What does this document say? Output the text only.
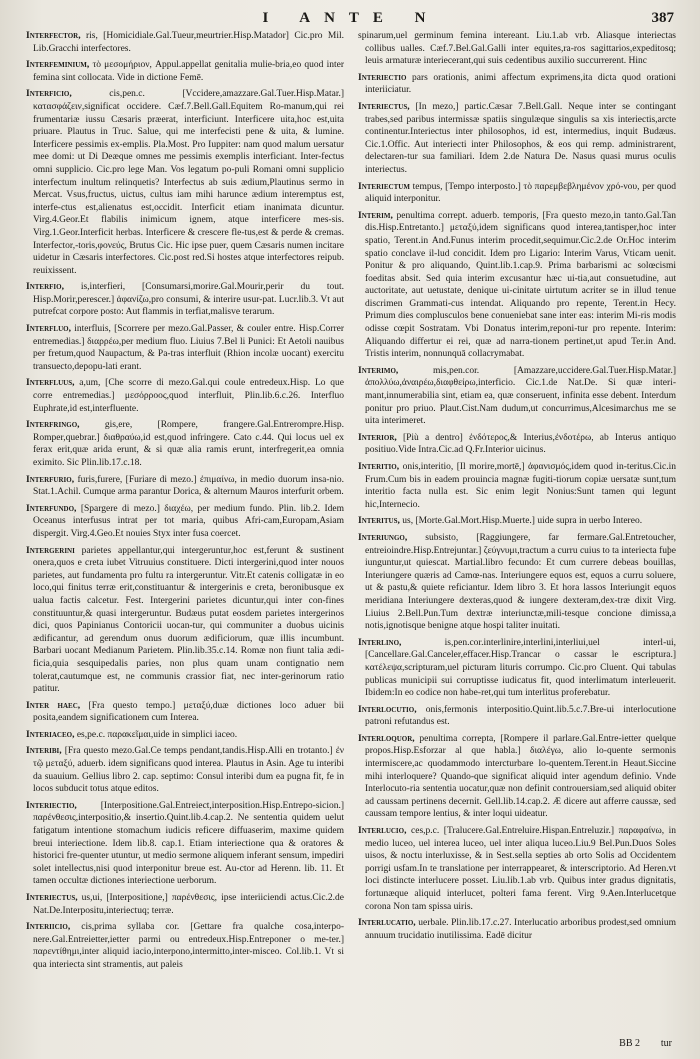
I ANTE N	387

Interfector, ris, [Homicidiale.Gal.Tueur,meurtrier.Hisp.Matador] Cic.pro Mil. Lib.Gracchi interfectores.

Interfeminium, τὸ μεσομήριον, Appul.appellat genitalia mulie-bria,eo quod inter femina sint collocata. Vide in dictione Femē.

Interficio,	cis,pen.c. [Vccidere,amazzare.Gal.Tuer.Hisp.Matar.] κατασφάζειν,significat occidere. Cæf.7.Bell.Gall.Equitem Ro-manum,qui rei frumentariæ iussu Cæsaris præerat, interficiunt. Interficere uita,hoc est,uita priuare. Plautus in Truc. Salue, qui me interfecisti pene & uita, & lumine. Interficere pessimis ex-emplis. Pla.Most. Pro Iuppiter: nam quod malum uersatur mee domi: ut Di Deæque omnes me pessimis exemplis interficiant. Inter-fectus omni supplicio. Cic.pro lege Man. Vos legatum po-puli Romani omni supplicio interfectum inultum relinquetis? Interfectus ab suis ædium,Plautinus sermo in Mercat. Vsus,fructus, uictus, cultus iam mihi harunce ædium interemptus est, interfe-ctus est,alienatus est,occidit. Interficit etiam inanimata dicuntur. Virg.4.Geor.Et flabilis inimicum ignem, atque interficere mes-sis. Virg.1.Geor.Interficit herbas. Interficere & crescere fle-tus,est & perde & cremas. Interfector,-toris,φονεύς, Brutus Cic. Hic ipse puer, quem Cæsaris numen incitare uidetur in Cæsaris interfectores. Cic.post red.Si hostes atque interfectores reipub. reuixissent.

Interfio, is,interfieri, [Consumarsi,morire.Gal.Mourir,perir du tout. Hisp.Morir,perescer.] ἀφανίζω,pro consumi, & interire usur-pat. Lucr.lib.3. Vt aut putrefcat corpore posto: Aut flammis in terfiat,malisve terarum.

Interfluo, interfluis, [Scorrere per mezo.Gal.Passer, & couler entre. Hisp.Correr entremedias.] διαρρέω,per medium fluo. Liuius 7.Bel li Punici: Et Aetoli nauibus per fretum,quod Naupactum, & Pa-tras interfluit (Rhion incolæ uocant) exercitu transuecto,depopu-lati erant.

Interfluus, a,um, [Che scorre di mezo.Gal.qui coule entredeux.Hisp. Lo que corre entremedias.] μεσόρροος,quod interfluit, Plin.lib.6.c.26. Interfluo Euphrate,id est,interfluente.

Interfringo,	gis,ere, [Rompere, frangere.Gal.Entrerompre.Hisp. Romper,quebrar.] διαθραύω,id est,quod infringere. Cato c.44. Qui locus uel ex ferax erit,quæ arida erunt, & si quæ alia ramis erunt, interfregerit,ea omnia eximito. Sic Plin.lib.17.c.18.

Interfurio, furis,furere, [Furiare di mezo.] ἐπιμαίνω, in medio duorum insa-nio. Stat.1.Achil. Cumque arma parantur Dorica, & alternum Mauros interfurit orbem.

Interfundo, [Spargere di mezo.] διαχέω, per medium fundo. Plin. lib.2. Idem Oceanus interfusus intrat per tot maria, quibus Afri-cam,Europam,Asiam dispergit. Virg.4.Geo.Et nouies Styx inter fusa coercet.

Intergerini parietes appellantur,qui intergeruntur,hoc est,ferunt & sustinent onera,quos e creta iubet Vitruuius constituere. Dicti intergerini,quod inter nouos parietes, aut fundamenta pro fultu ra intergeruntur. Vitr.Et catenis colligatæ in eo loco,qui finitus terræ erit,constituantur & intergerinis e creta, beronibusque ex ualua factis calcetur. Fest. Intergerini parietes dicuntur,qui inter con-fines constituuntur,& quasi intergeruntur. Budæus putat eosdem parietes intergerinos dici, quos Papinianus Contoricii uocan-tur, qui communiter a duobus uicinis ædificantur, ad gerendum onus duorum ædificiorum, quæ illis incumbunt. Barbari uocant Medianum Parietem. Plin.lib.35.c.14. Romæ non fiunt talia ædi-ficia,quia sesquipedalis paries, non plus quam unam contignatio nem tolerat,cautumque est, ne communis crassior fiat, nec inter-gerinorum ratio patitur.

Inter haec, [Fra questo tempo.] μεταξύ,duæ dictiones loco aduer bii posita,eandem significationem cum Interea.

Interiaceo, es,pe.c. παρακεῖμαι,uide in simplici iaceo.

Interibi, [Fra questo mezo.Gal.Ce temps pendant,tandis.Hisp.Alli en trotanto.] ἐν τῷ μεταξύ, aduerb. idem significans quod interea. Plautus in Asin. Age tu interibi da suauium. Gellius libro 2. cap. septimo: Consul interibi dum ea pugna fit, fe in locos subducit totus atque editos.

Interiectio,	[Interpositione.Gal.Entreiect,interposition.Hisp.Entrepo-sicion.] παρένθεσις,interpositio,& insertio.Quint.lib.4.cap.2. Ne sententia quidem uelut fatigatum intentione stomachum iudicis reficere diffuaserim, maxime quidem breui interiectione. Idem lib.8. cap.1. Etiam interiectione qua & oratores & historici fre-quenter utuntur, ut medio sermone aliquem inferant sensum, impediri solet intellectus,nisi quod interponitur breue est. Au-ctor ad Herenn. lib. 11. Et tamen occultæ dictiones interiectione uerborum.

Interiectus, us,ui, [Interpositione,] παρένθεσις, ipse interiiciendi actus.Cic.2.de Nat.De.Interpositu,interiectuq; terræ.

Interiicio, cis,prima syllaba cor. [Gettare fra qualche cosa,interpo-nere.Gal.Entreietter,ietter parmi ou entredeux.Hisp.Entreponer o me-ter.] παρεντίθημι,inter aliquid iacio,interpono,intermitto,inter-misceo. Col.lib.1. Vt si qua interiecta sint stramentis, aut paleis

spinarum,uel germinum femina intereant. Liu.1.ab vrb. Aliasque interiectas collibus ualles. Cæf.7.Bel.Gal.Galli inter equites,ra-ros sagittarios,expeditosq; leuis armaturæ interiecerant,qui suis cedentibus auxilio succurrerent. Hinc

Interiectio pars orationis, animi affectum exprimens,ita dicta quod orationi interiiciatur.

Interiectus, [In mezo,] partic.Cæsar 7.Bell.Gall. Neque inter se contingant trabes,sed paribus intermissæ spatiis singulæque singulis sa xis interiectis,arcte continentur.Interiectus inter philosophos, id est, intermedius, inquit Budæus. Cic.1.Offic. Aut interiecti inter Philosophos, & eos qui remp. administrarent, delectaren-tur sua familiari. Idem 2.de Natura De. Nasus quasi murus oculis interiectus.

Interiectum tempus, [Tempo interposto.] τὸ παρεμβεβλημένον χρό-νου, per quod aliquid interponitur.

Interim, penultima corrept. aduerb. temporis, [Fra questo mezo,in tanto.Gal.Tan dis.Hisp.Entretanto.] μεταξύ,idem significans quod interea,tantisper,hoc inter spatio, Terent.in And.Funus interim procedit,sequimur.Cic.2.de Or.Hoc interim spatio conclave il-lud concidit. Idem pro Ligario: Interim Varus, Vticam uenit. Ponitur & pro aliquando, Quint.lib.1.cap.9. Prima barbarismi ac solœcismi foeditas absit. Sed quia interim excusantur hæc ui-tia,aut consuetudine, aut auctoritate, aut uetustate, denique ui-cinitate uirtutum acriter se in illud tenue discrimen Grammati-cus intendat. Aliquando pro repente, Terent.in Hecy. Primum dies complusculos bene conueniebat sane inter eas: interim Mi-ris modis odisse cœpit Sostratam. Vbi Donatus interim,reponi-tur pro repente. Interim: Aliquando differtur ei rei, quæ ad narra-tionem pertinet,ut apud Ter.in And. Tristis interim, nonnunquā collacrymabat.

Interimo,	mis,pen.cor. [Amazzare,uccidere.Gal.Tuer.Hisp.Matar.] ἀπολλύω,ἀναιρέω,διαφθείρω,interficio. Cic.1.de Nat.De. Si quæ interi-mant,innumerabilia sint, etiam ea, quæ conseruent, infinita esse debent. Interdum ponitur pro priuo. Plaut.Cist.Nam dudum,ut concurrimus,Alcesimarchus me se uita interimeret.

Interior, [Più a dentro] ἐνδότερος,& Interius,ἐνδοτέρω, ab Interus antiquo positiuo.Vide Intra.Cic.ad Q.Fr.Interior uicinus.

Interitio, onis,interitio, [Il morire,mortē,] ἀφανισμός,idem quod in-teritus.Cic.in Frum.Cum bis in eadem prouincia magnæ fugiti-tiorum copiæ uersatæ sunt,tum interitio facta nulla est. Sic enim legit Nonius:Sunt tamen qui legunt hic,Internecio.

Interitus, us, [Morte.Gal.Mort.Hisp.Muerte.] uide supra in uerbo Intereo.

Interiungo, subsisto, [Raggiungere, far fermare.Gal.Entretoucher, entreioindre.Hisp.Entrejuntar.] ζεύγνυμι,tractum a curru cuius to ta interiecta fuþe iunguntur,ut quiescat. Martial.libro fecundo: Et cum currere debeas bouillas, Interiungere quæris ad Camœ-nas. Interiungere equos est, equos a curru soluere, ut & pastu,& quiete reficiantur. Idem libro 3. Et hora lassos Interiungit equos meridiana Interiungere dexteras,quod & iungere dexteram,dex-træ dixit Virg. Liuius 2.Bell.Pun.Tum dextræ interiunctæ,mili-tesque concione dimissa,a notis,ignotisque benigne atque hospi taliter inuitati.

Interlino,	is,pen.cor.interlinire,interlini,interliui,uel interl-ui, [Cancellare.Gal.Canceler,effacer.Hisp.Trancar o cassar le escriptura.] κατέλεψα,scripturam,uel picturam lituris corrumpo. Cic.pro Cluent. Qui tabulas publicas municipii sui corruptisse iudicatus fit, quod interlimatum interleuerit. Ibidem:In eo codice non habe-ret,qui tum interlitus proferebatur.

Interlocutio, onis,fermonis interpositio.Quint.lib.5.c.7.Bre-ui interlocutione patroni refutandus est.

Interloquor, penultima correpta, [Rompere il parlare.Gal.Entre-ietter quelque propos.Hisp.Esforzar al que habla.] διαλέγω, alio lo-quente sermonis intermiscere,ac quodammodo intercturbare lo-quentem.Terent.in Heaut.Siccine mihi interloquere? Quando-que significat aliquid inter agendum definio. Vnde Interlocuto-ria sententia uocatur,quæ non definit controuersiam,sed aliquid obiter ad caussam pertinens decernit. Gell.lib.14.cap.2. Æ dicere aut afferre caussæ, sed caussam tempore lentius, & inter loqui uideatur.

Interlucio, ces,p.c. [Tralucere.Gal.Entreluire.Hispan.Entreluzir.] παραφαίνω, in medio luceo, uel interea luceo, uel inter aliqua luceo.Liu.9 Bel.Pun.Duos Soles uisos, & noctu interluxisse, & in Sest.sella septies ab orto Solis ad Occidentem porrigi usfam.In te translatione per interrappearet, & interscriptorio. Ad Heren.vt loci distincte interlucere posset. Liu.lib.1.ab vrb. Quibus inter gradus dignitatis, fortunæque aliquid interlucet, polteri fama ferent. Virg 9.Aen.Interlucetque corona Non tam spissa uiris.

Interlucatio, uerbale. Plin.lib.17.c.27. Interlucatio arboribus prodest,sed omnium annuum trucidatio inutilissima. Eadē dicitur

BB 2 tur
